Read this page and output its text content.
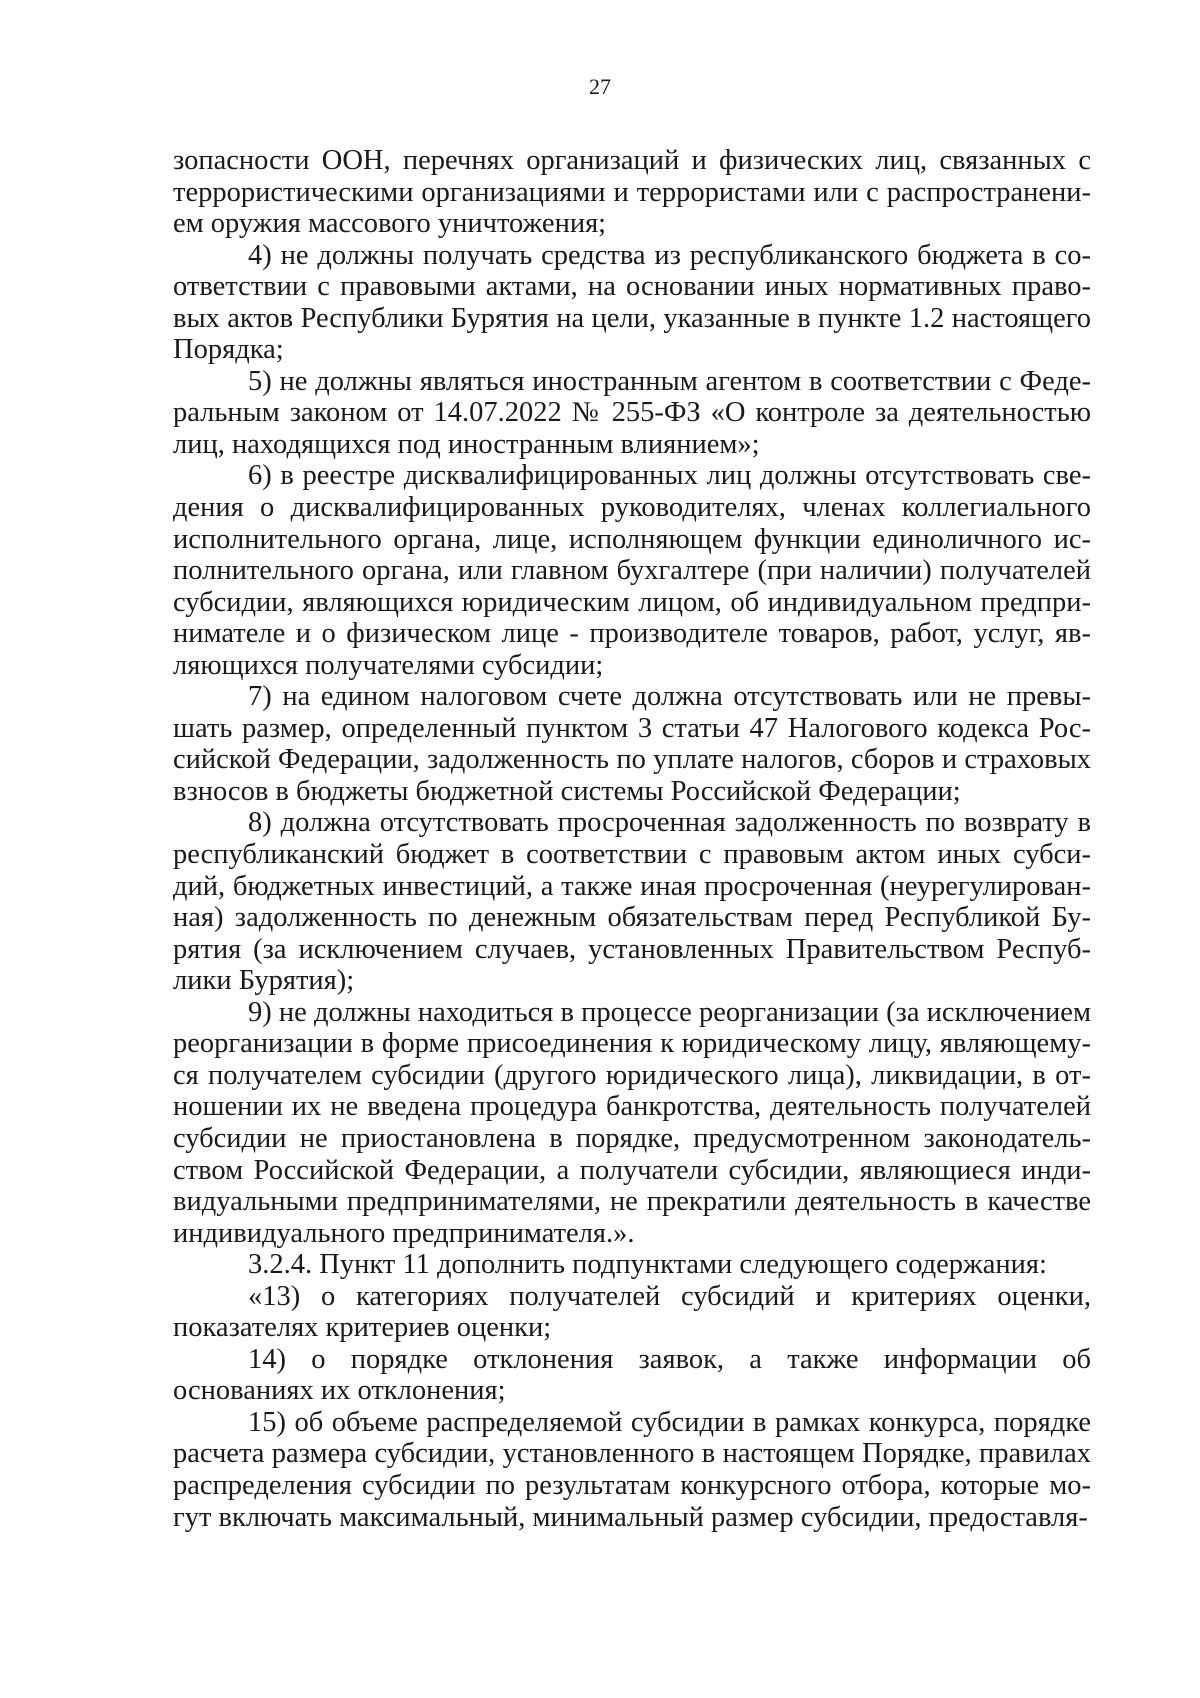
27

зопасности ООН, перечнях организаций и физических лиц, связанных с террористическими организациями и террористами или с распространением оружия массового уничтожения;

4) не должны получать средства из республиканского бюджета в соответствии с правовыми актами, на основании иных нормативных правовых актов Республики Бурятия на цели, указанные в пункте 1.2 настоящего Порядка;

5) не должны являться иностранным агентом в соответствии с Федеральным законом от 14.07.2022 № 255-ФЗ «О контроле за деятельностью лиц, находящихся под иностранным влиянием»;

6) в реестре дисквалифицированных лиц должны отсутствовать сведения о дисквалифицированных руководителях, членах коллегиального исполнительного органа, лице, исполняющем функции единоличного исполнительного органа, или главном бухгалтере (при наличии) получателей субсидии, являющихся юридическим лицом, об индивидуальном предпринимателе и о физическом лице - производителе товаров, работ, услуг, являющихся получателями субсидии;

7) на едином налоговом счете должна отсутствовать или не превышать размер, определенный пунктом 3 статьи 47 Налогового кодекса Российской Федерации, задолженность по уплате налогов, сборов и страховых взносов в бюджеты бюджетной системы Российской Федерации;

8) должна отсутствовать просроченная задолженность по возврату в республиканский бюджет в соответствии с правовым актом иных субсидий, бюджетных инвестиций, а также иная просроченная (неурегулированная) задолженность по денежным обязательствам перед Республикой Бурятия (за исключением случаев, установленных Правительством Республики Бурятия);

9) не должны находиться в процессе реорганизации (за исключением реорганизации в форме присоединения к юридическому лицу, являющемуся получателем субсидии (другого юридического лица), ликвидации, в отношении их не введена процедура банкротства, деятельность получателей субсидии не приостановлена в порядке, предусмотренном законодательством Российской Федерации, а получатели субсидии, являющиеся индивидуальными предпринимателями, не прекратили деятельность в качестве индивидуального предпринимателя.».

3.2.4. Пункт 11 дополнить подпунктами следующего содержания:

«13) о категориях получателей субсидий и критериях оценки, показателях критериев оценки;

14) о порядке отклонения заявок, а также информации об основаниях их отклонения;

15) об объеме распределяемой субсидии в рамках конкурса, порядке расчета размера субсидии, установленного в настоящем Порядке, правилах распределения субсидии по результатам конкурсного отбора, которые могут включать максимальный, минимальный размер субсидии, предоставля-
